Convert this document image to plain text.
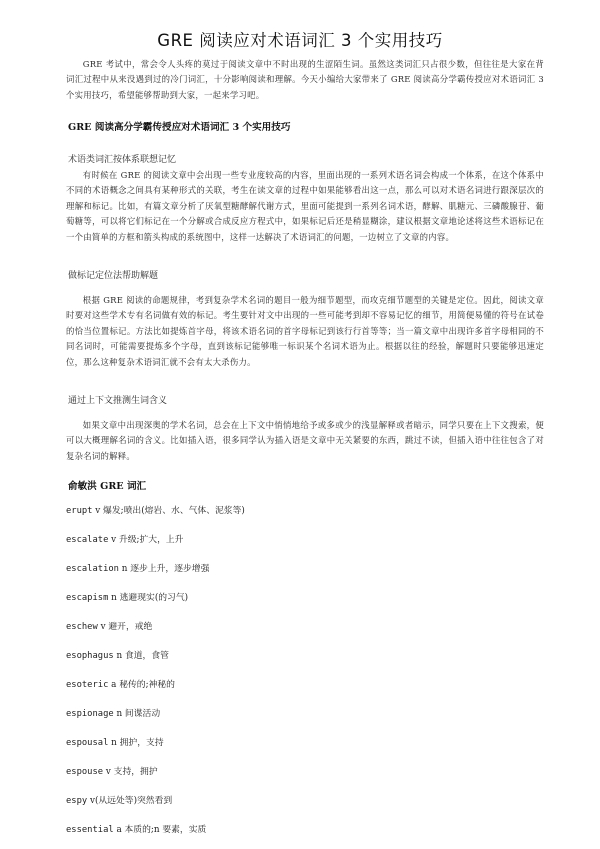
GRE 阅读应对术语词汇 3 个实用技巧
GRE 考试中，常会令人头疼的莫过于阅读文章中不时出现的生涩陌生词。虽然这类词汇只占很少数，但往往是大家在背词汇过程中从来没遇到过的冷门词汇，十分影响阅读和理解。今天小编给大家带来了 GRE 阅读高分学霸传授应对术语词汇 3 个实用技巧，希望能够帮助到大家，一起来学习吧。
GRE 阅读高分学霸传授应对术语词汇 3 个实用技巧
术语类词汇按体系联想记忆
有时候在 GRE 的阅读文章中会出现一些专业度较高的内容，里面出现的一系列术语名词会构成一个体系，在这个体系中不同的术语概念之间具有某种形式的关联，考生在读文章的过程中如果能够看出这一点，那么可以对术语名词进行跟深层次的理解和标记。比如，有篇文章分析了厌氧型糖酵解代谢方式，里面可能提到一系列名词术语，酵解、肌糖元、三磷酸腺苷、葡萄糖等，可以将它们标记在一个分解或合成反应方程式中，如果标记后还是稍显糊涂，建议根据文章地论述将这些术语标记在一个由简单的方框和箭头构成的系统图中，这样一达解决了术语词汇的问题，一边树立了文章的内容。
做标记定位法帮助解题
根据 GRE 阅读的命题规律，考到复杂学术名词的题目一般为细节题型，而攻克细节题型的关键是定位。因此，阅读文章时要对这些学术专有名词做有效的标记。考生要针对文中出现的一些可能考到却不容易记忆的细节，用简便易懂的符号在试卷的恰当位置标记。方法比如提炼首字母，将该术语名词的首字母标记到该行行首等等；当一篇文章中出现许多首字母相同的不同名词时，可能需要提炼多个字母，直到该标记能够唯一标识某个名词术语为止。根据以往的经验，解题时只要能够迅速定位，那么这种复杂术语词汇就不会有太大杀伤力。
通过上下文推测生词含义
如果文章中出现深奥的学术名词，总会在上下文中悄悄地给予或多或少的浅显解释或者暗示，同学只要在上下文搜索，便可以大概理解名词的含义。比如插入语，很多同学认为插入语是文章中无关紧要的东西，跳过不读，但插入语中往往包含了对复杂名词的解释。
俞敏洪 GRE 词汇
erupt v 爆发;喷出(熔岩、水、气体、泥浆等)
escalate v 升级;扩大，上升
escalation n 逐步上升，逐步增强
escapism n 逃避现实(的习气)
eschew v 避开，戒绝
esophagus n 食道，食管
esoteric a 秘传的;神秘的
espionage n 间谍活动
espousal n 拥护，支持
espouse v 支持，拥护
espy v(从远处等)突然看到
essential a 本质的;n 要素，实质
